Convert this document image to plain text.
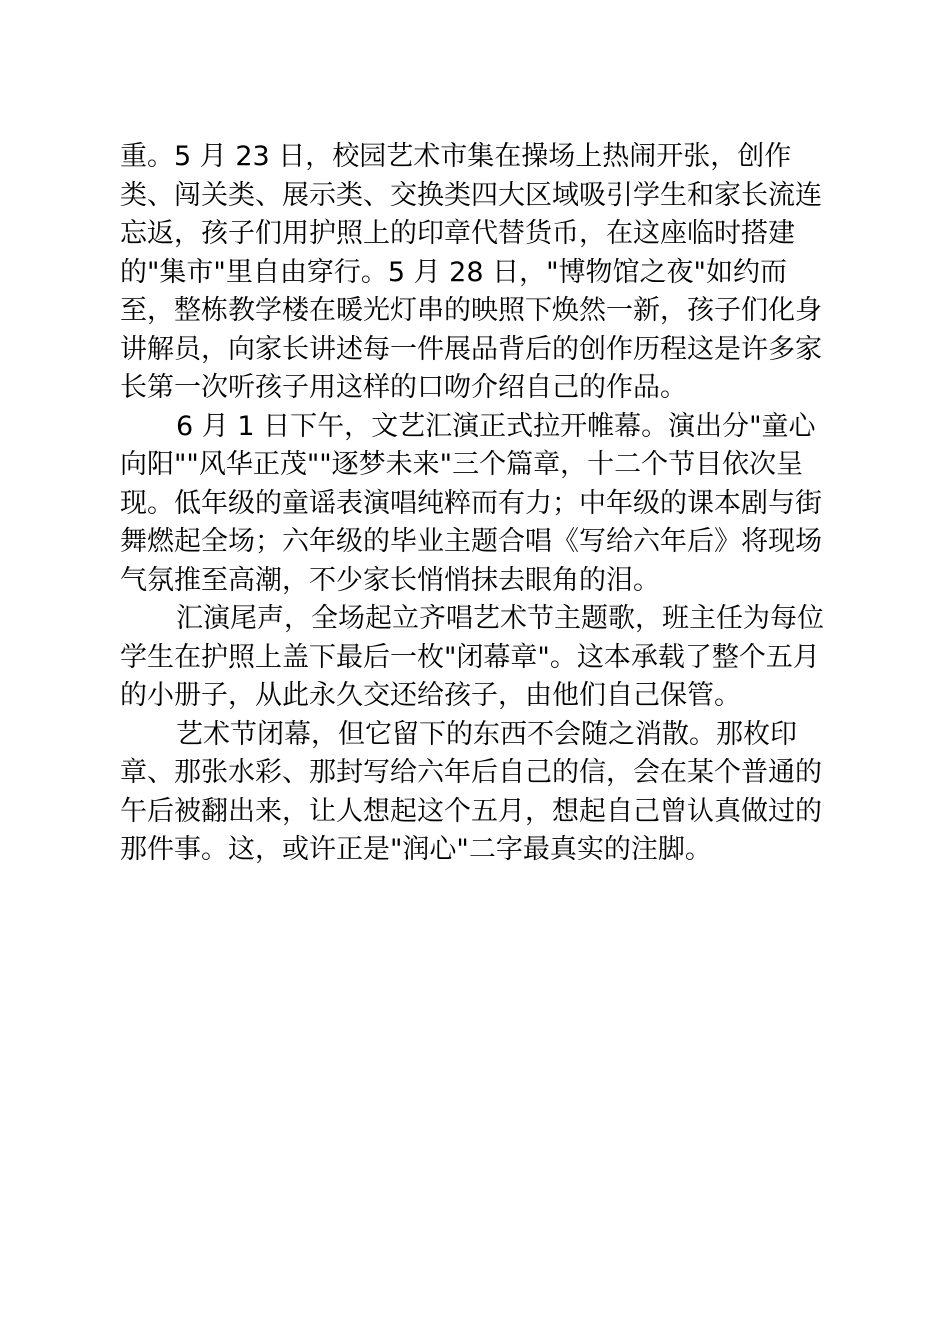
重。5 月 23 日，校园艺术市集在操场上热闹开张，创作类、闯关类、展示类、交换类四大区域吸引学生和家长流连忘返，孩子们用护照上的印章代替货币，在这座临时搭建的"集市"里自由穿行。5 月 28 日，"博物馆之夜"如约而至，整栋教学楼在暖光灯串的映照下焕然一新，孩子们化身讲解员，向家长讲述每一件展品背后的创作历程这是许多家长第一次听孩子用这样的口吻介绍自己的作品。

6 月 1 日下午，文艺汇演正式拉开帷幕。演出分"童心向阳""风华正茂""逐梦未来"三个篇章，十二个节目依次呈现。低年级的童谣表演唱纯粹而有力；中年级的课本剧与街舞燃起全场；六年级的毕业主题合唱《写给六年后》将现场气氛推至高潮，不少家长悄悄抹去眼角的泪。

汇演尾声，全场起立齐唱艺术节主题歌，班主任为每位学生在护照上盖下最后一枚"闭幕章"。这本承载了整个五月的小册子，从此永久交还给孩子，由他们自己保管。

艺术节闭幕，但它留下的东西不会随之消散。那枚印章、那张水彩、那封写给六年后自己的信，会在某个普通的午后被翻出来，让人想起这个五月，想起自己曾认真做过的那件事。这，或许正是"润心"二字最真实的注脚。
